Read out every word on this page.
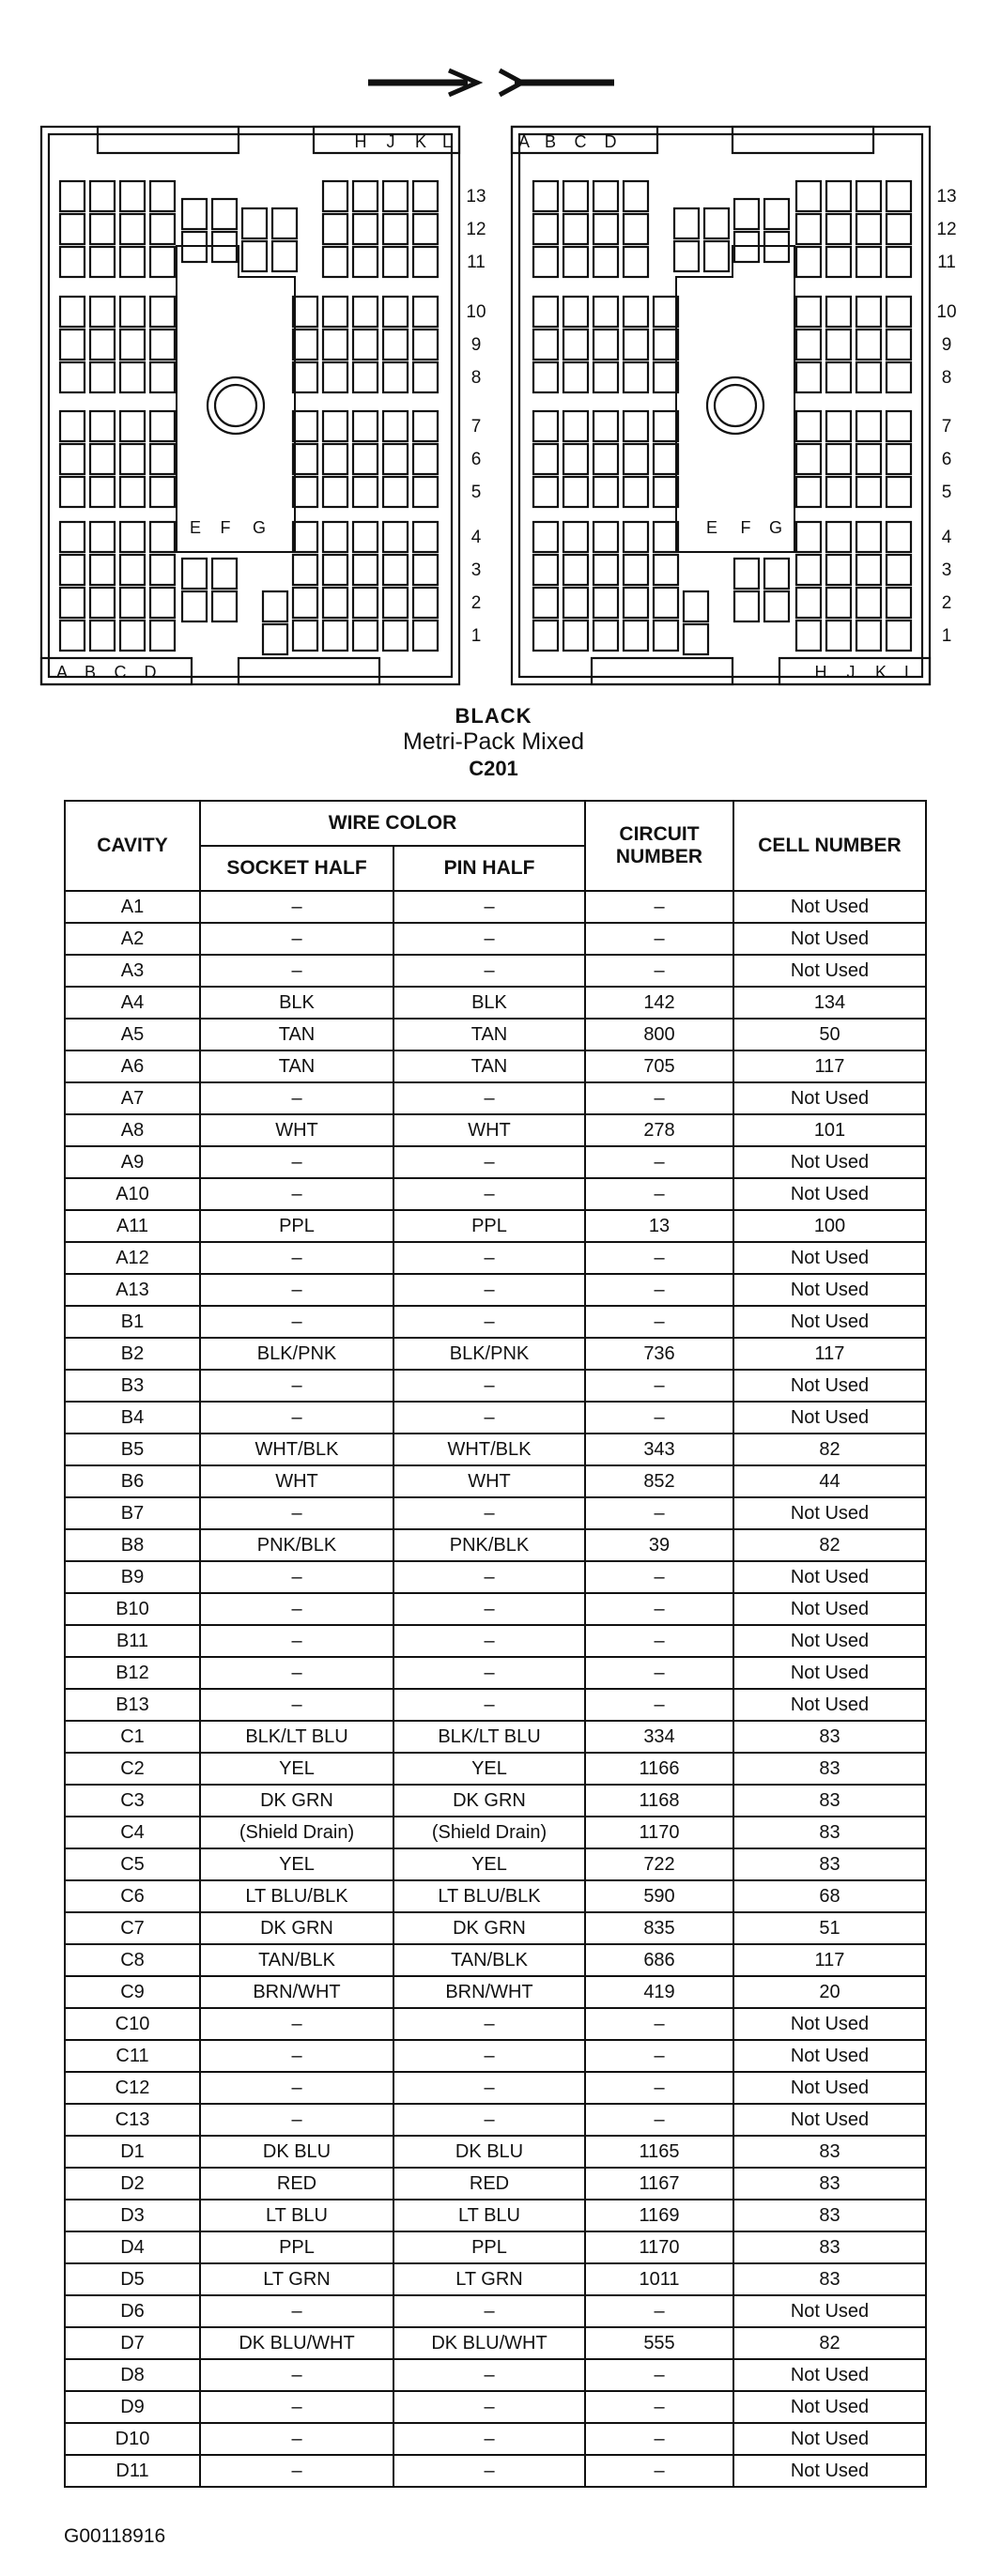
H J K L
A B C D
E F G
13
12
11
10
9
8
7
6
5
4
3
2
1
D
C
B
A
L
K
J
H
G
F
E
13
12
11
10
9
8
7
6
5
4
3
2
1
BLACK
Metri-Pack Mixed
C201
CAVITY	WIRE COLOR		CIRCUIT NUMBER	CELL NUMBER
	SOCKET HALF	PIN HALF		
A1	–	–	–	Not Used
A2	–	–	–	Not Used
A3	–	–	–	Not Used
A4	BLK	BLK	142	134
A5	TAN	TAN	800	50
A6	TAN	TAN	705	117
A7	–	–	–	Not Used
A8	WHT	WHT	278	101
A9	–	–	–	Not Used
A10	–	–	–	Not Used
A11	PPL	PPL	13	100
A12	–	–	–	Not Used
A13	–	–	–	Not Used
B1	–	–	–	Not Used
B2	BLK/PNK	BLK/PNK	736	117
B3	–	–	–	Not Used
B4	–	–	–	Not Used
B5	WHT/BLK	WHT/BLK	343	82
B6	WHT	WHT	852	44
B7	–	–	–	Not Used
B8	PNK/BLK	PNK/BLK	39	82
B9	–	–	–	Not Used
B10	–	–	–	Not Used
B11	–	–	–	Not Used
B12	–	–	–	Not Used
B13	–	–	–	Not Used
C1	BLK/LT BLU	BLK/LT BLU	334	83
C2	YEL	YEL	1166	83
C3	DK GRN	DK GRN	1168	83
C4	(Shield Drain)	(Shield Drain)	1170	83
C5	YEL	YEL	722	83
C6	LT BLU/BLK	LT BLU/BLK	590	68
C7	DK GRN	DK GRN	835	51
C8	TAN/BLK	TAN/BLK	686	117
C9	BRN/WHT	BRN/WHT	419	20
C10	–	–	–	Not Used
C11	–	–	–	Not Used
C12	–	–	–	Not Used
C13	–	–	–	Not Used
D1	DK BLU	DK BLU	1165	83
D2	RED	RED	1167	83
D3	LT BLU	LT BLU	1169	83
D4	PPL	PPL	1170	83
D5	LT GRN	LT GRN	1011	83
D6	–	–	–	Not Used
D7	DK BLU/WHT	DK BLU/WHT	555	82
D8	–	–	–	Not Used
D9	–	–	–	Not Used
D10	–	–	–	Not Used
D11	–	–	–	Not Used
G00118916
